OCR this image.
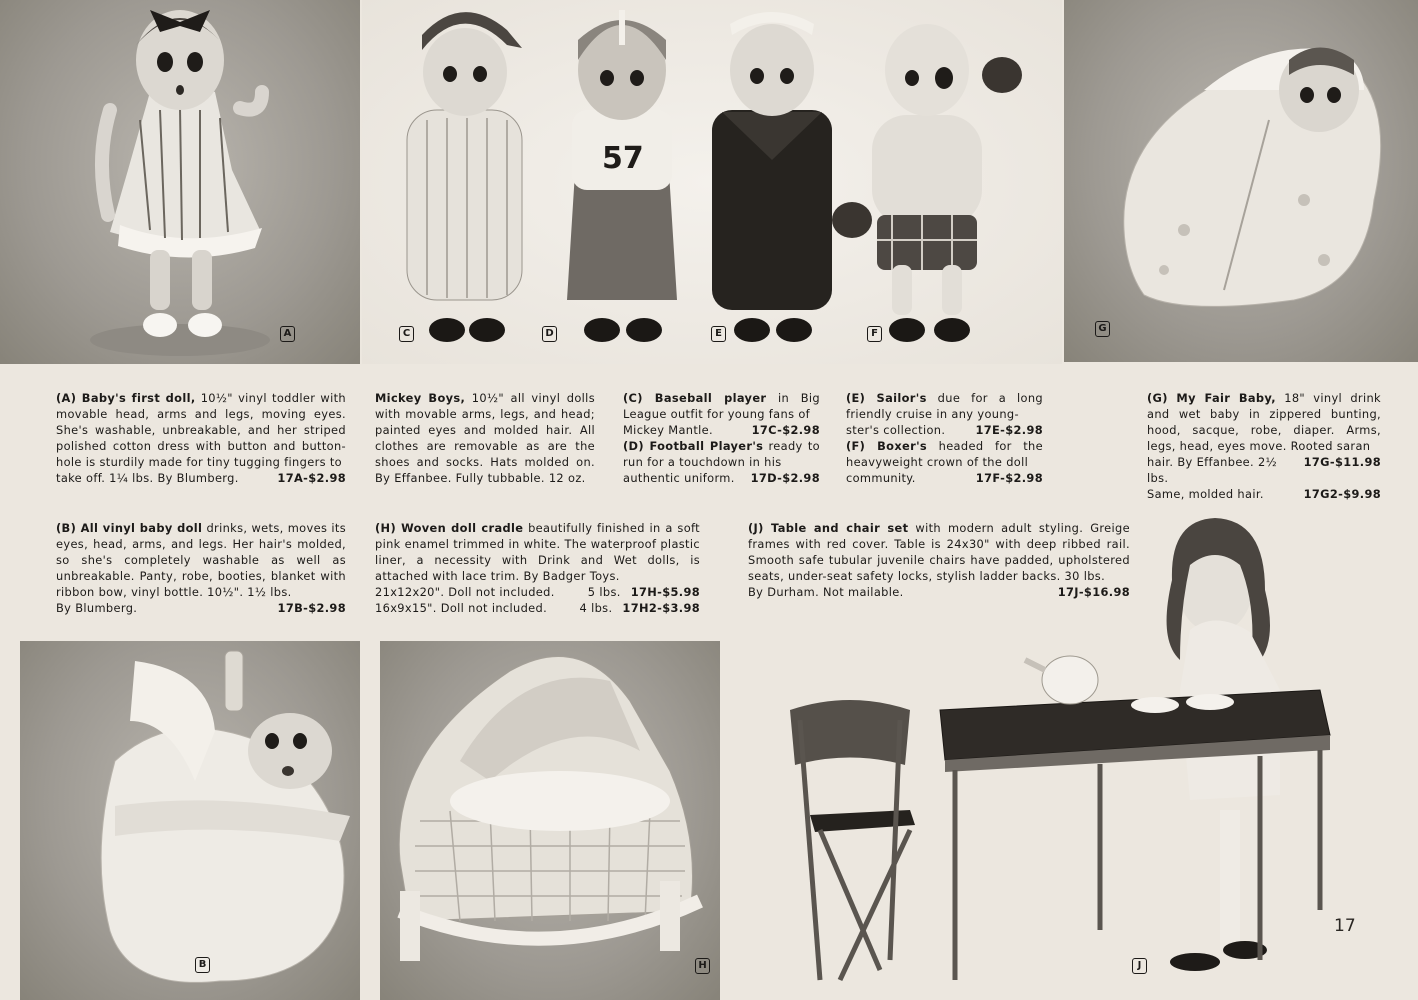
A
57
C	D	E	F	G
B	H	J
(A) Baby's first doll, 10½" vinyl toddler with movable head, arms and legs, moving eyes. She's washable, unbreakable, and her striped polished cotton dress with button and button-hole is sturdily made for tiny tugging fingers to
take off. 1¼ lbs. By Blumberg.	17A-$2.98
Mickey Boys, 10½" all vinyl dolls with movable arms, legs, and head; painted eyes and molded hair. All clothes are removable as are the shoes and socks. Hats molded on. By Effanbee. Fully tubbable. 12 oz.
(C) Baseball player in Big League outfit for young fans of
Mickey Mantle.	17C-$2.98
(D) Football Player's ready to run for a touchdown in his
authentic uniform.	17D-$2.98
(E) Sailor's due for a long friendly cruise in any young-
ster's collection.	17E-$2.98
(F) Boxer's headed for the heavyweight crown of the doll
community.	17F-$2.98
(G) My Fair Baby, 18" vinyl drink and wet baby in zippered bunting, hood, sacque, robe, diaper. Arms, legs, head, eyes move. Rooted saran
hair. By Effanbee. 2½ lbs.
17G-$11.98
Same, molded hair.	17G2-$9.98
(B) All vinyl baby doll drinks, wets, moves its eyes, head, arms, and legs. Her hair's molded, so she's completely washable as well as unbreakable. Panty, robe, booties, blanket with ribbon bow, vinyl bottle. 10½". 1½ lbs.
By Blumberg.	17B-$2.98
(H) Woven doll cradle beautifully finished in a soft pink enamel trimmed in white. The waterproof plastic liner, a necessity with Drink and Wet dolls, is attached with lace trim. By Badger Toys.
21x12x20". Doll not included.	5 lbs. 17H-$5.98
16x9x15". Doll not included.	4 lbs. 17H2-$3.98
(J) Table and chair set with modern adult styling. Greige frames with red cover. Table is 24x30" with deep ribbed rail. Smooth safe tubular juvenile chairs have padded, upholstered seats, under-seat safety locks, stylish ladder backs. 30 lbs.
By Durham. Not mailable.	17J-$16.98
17
